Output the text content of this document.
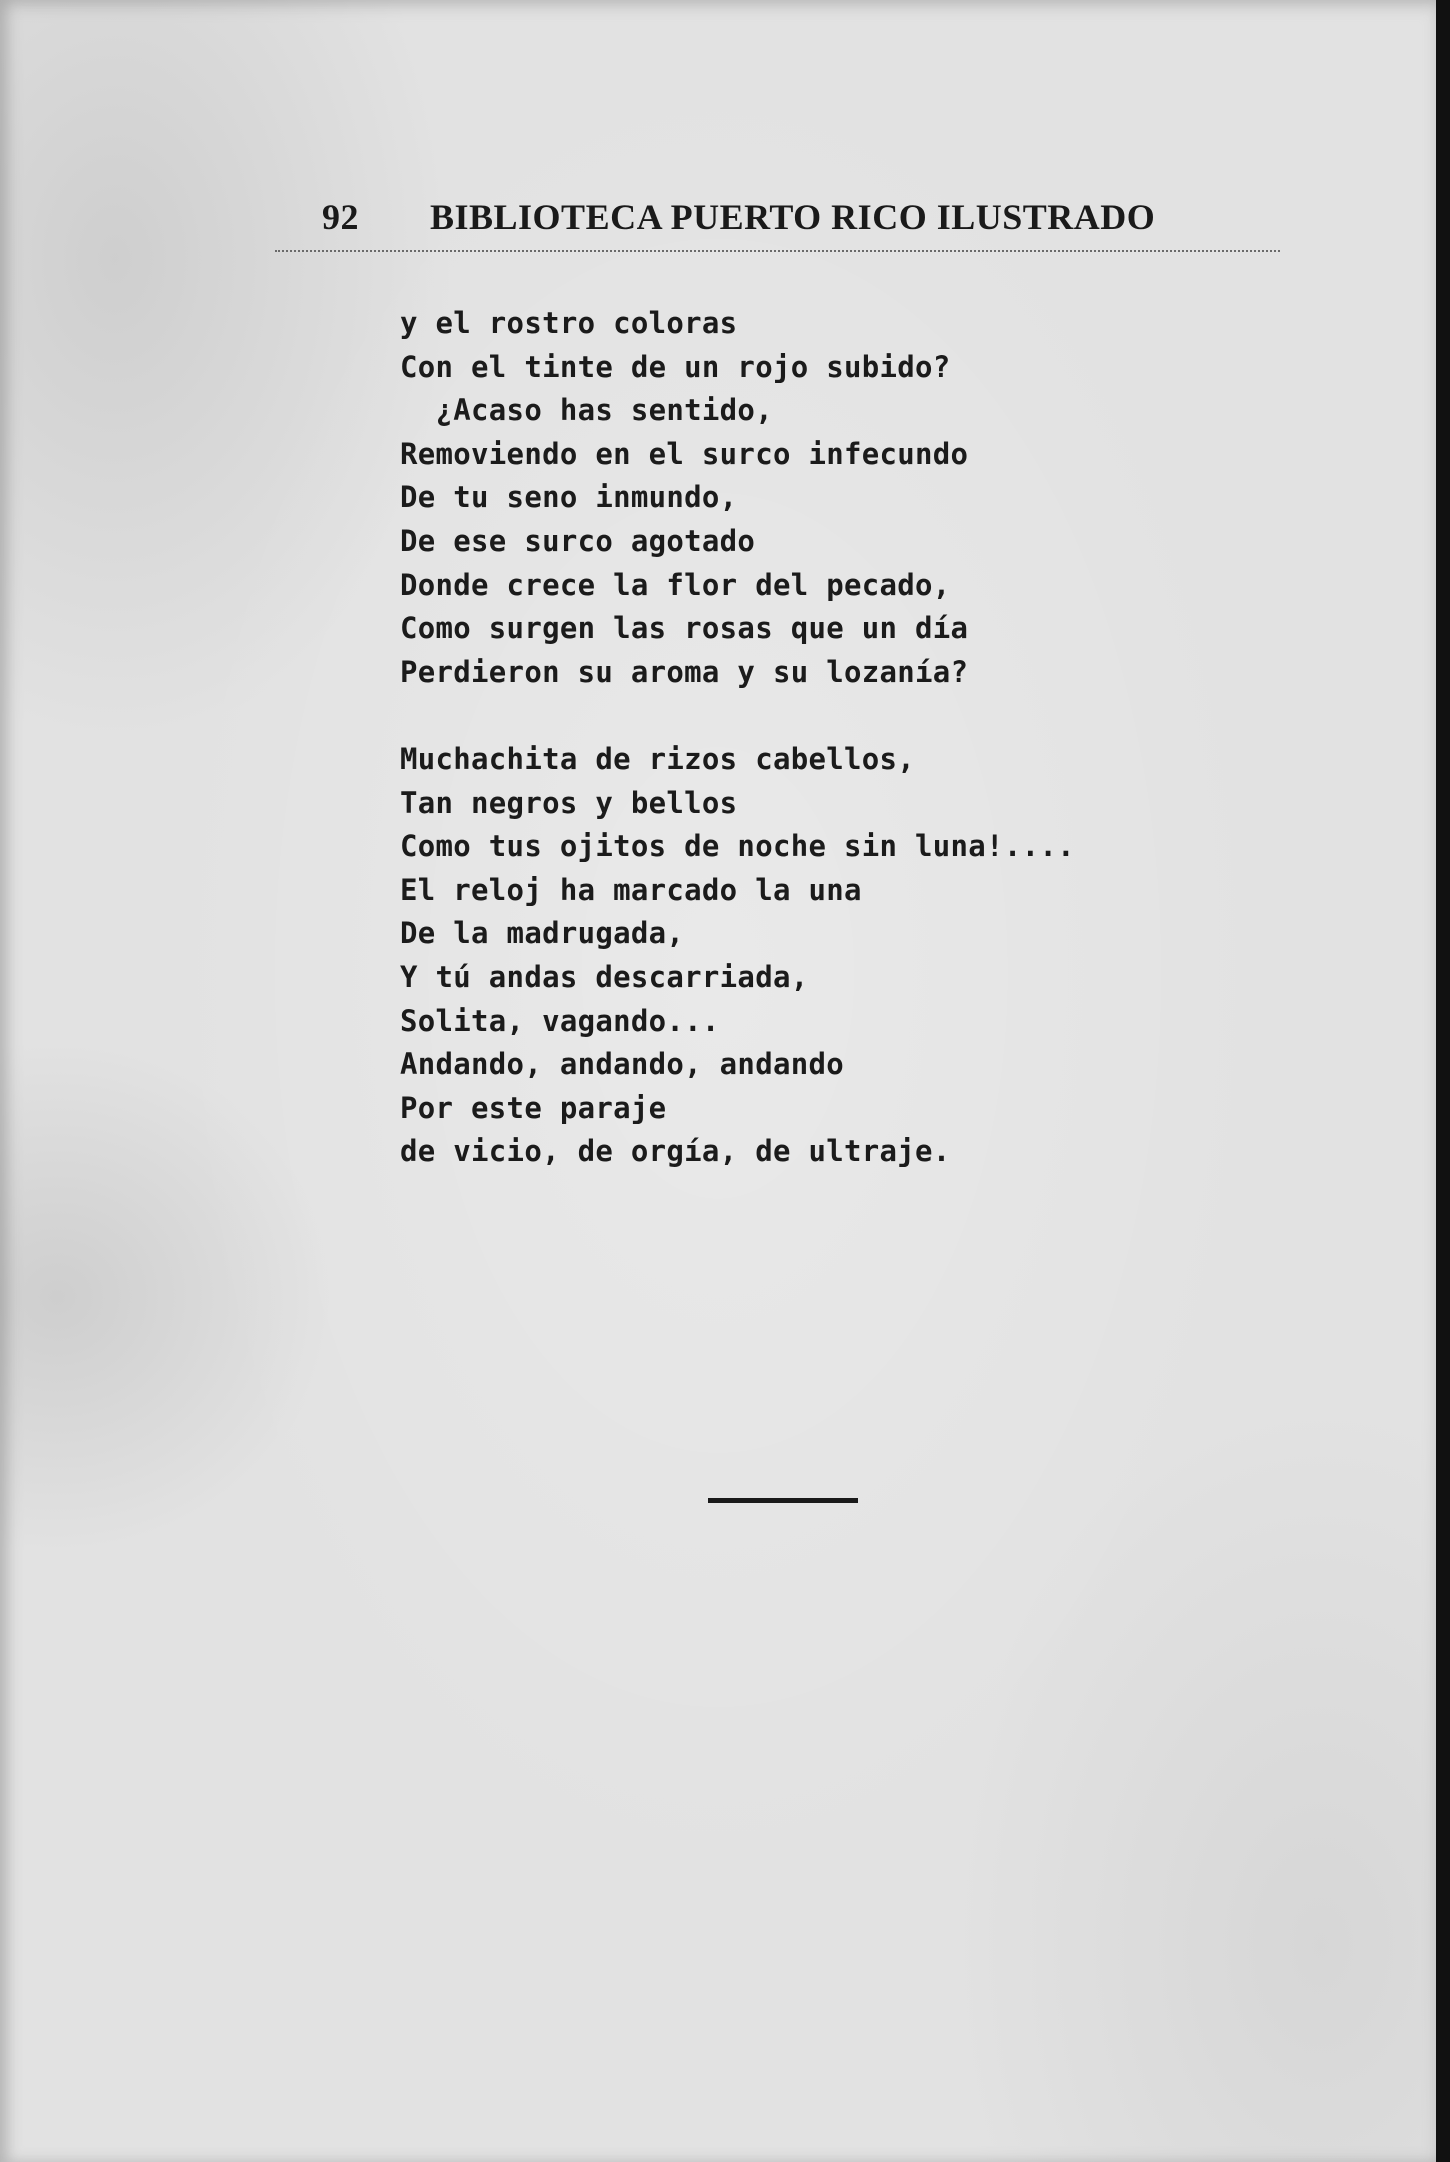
92 BIBLIOTECA PUERTO RICO ILUSTRADO
y el rostro coloras
Con el tinte de un rojo subido?
¿Acaso has sentido,
Removiendo en el surco infecundo
De tu seno inmundo,
De ese surco agotado
Donde crece la flor del pecado,
Como surgen las rosas que un día
Perdieron su aroma y su lozanía?
Muchachita de rizos cabellos,
Tan negros y bellos
Como tus ojitos de noche sin luna!....
El reloj ha marcado la una
De la madrugada,
Y tú andas descarriada,
Solita, vagando...
Andando, andando, andando
Por este paraje
de vicio, de orgía, de ultraje.
